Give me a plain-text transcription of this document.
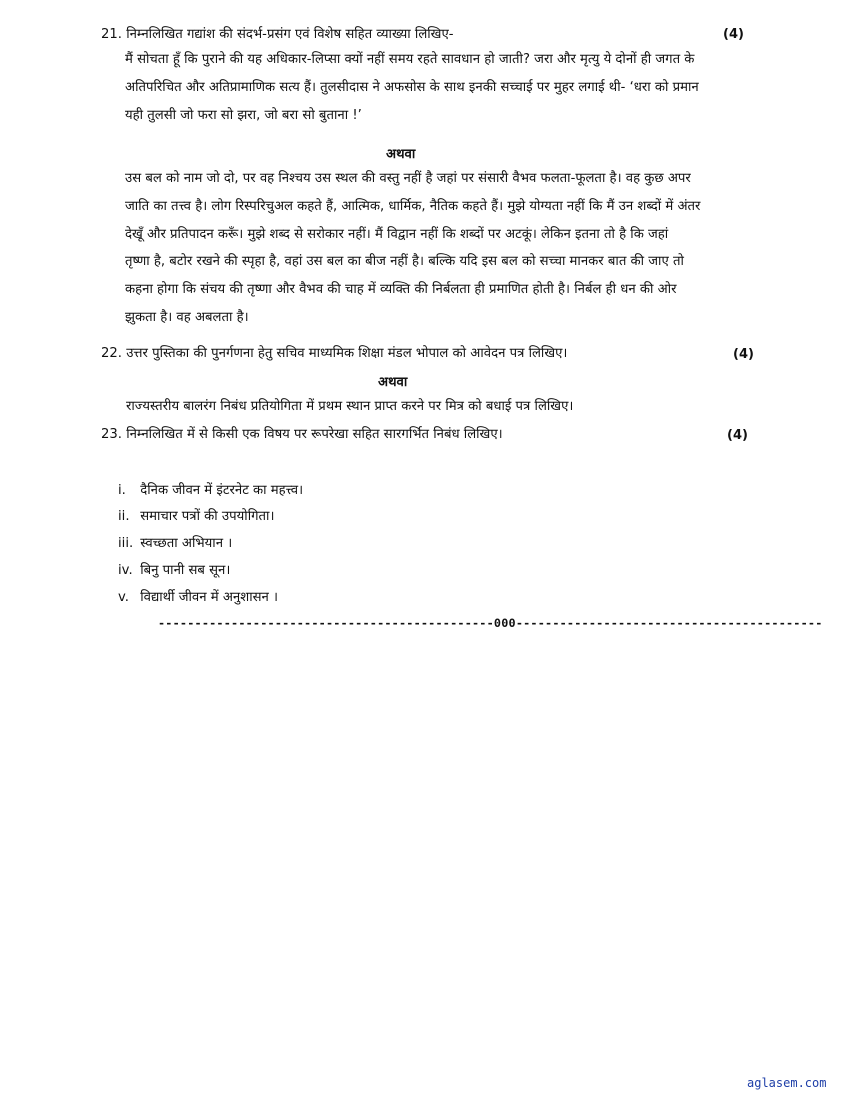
21. निम्नलिखित गद्यांश की संदर्भ-प्रसंग एवं विशेष सहित व्याख्या लिखिए-	(4)
मैं सोचता हूँ कि पुराने की यह अधिकार-लिप्सा क्यों नहीं समय रहते सावधान हो जाती? जरा और मृत्यु ये दोनों ही जगत के
अतिपरिचित और अतिप्रामाणिक सत्य हैं। तुलसीदास ने अफसोस के साथ इनकी सच्चाई पर मुहर लगाई थी- ‘धरा को प्रमान
यही तुलसी जो फरा सो झरा, जो बरा सो बुताना !’
अथवा
उस बल को नाम जो दो, पर वह निश्चय उस स्थल की वस्तु नहीं है जहां पर संसारी वैभव फलता-फूलता है। वह कुछ अपर
जाति का तत्त्व है। लोग रिस्परिचुअल कहते हैं, आत्मिक, धार्मिक, नैतिक कहते हैं। मुझे योग्यता नहीं कि मैं उन शब्दों में अंतर
देखूँ और प्रतिपादन करूँ। मुझे शब्द से सरोकार नहीं। मैं विद्वान नहीं कि शब्दों पर अटकूं। लेकिन इतना तो है कि जहां
तृष्णा है, बटोर रखने की स्पृहा है, वहां उस बल का बीज नहीं है। बल्कि यदि इस बल को सच्चा मानकर बात की जाए तो
कहना होगा कि संचय की तृष्णा और वैभव की चाह में व्यक्ति की निर्बलता ही प्रमाणित होती है। निर्बल ही धन की ओर
झुकता है। वह अबलता है।
22. उत्तर पुस्तिका की पुनर्गणना हेतु सचिव माध्यमिक शिक्षा मंडल भोपाल को आवेदन पत्र लिखिए।	(4)
अथवा
राज्यस्तरीय बालरंग निबंध प्रतियोगिता में प्रथम स्थान प्राप्त करने पर मित्र को बधाई पत्र लिखिए।
23. निम्नलिखित में से किसी एक विषय पर रूपरेखा सहित सारगर्भित निबंध लिखिए।	(4)
i. दैनिक जीवन में इंटरनेट का महत्त्व।
ii. समाचार पत्रों की उपयोगिता।
iii. स्वच्छता अभियान ।
iv. बिनु पानी सब सून।
v. विद्यार्थी जीवन में अनुशासन ।
----------------------------------------------000------------------------------------------
aglasem.com
